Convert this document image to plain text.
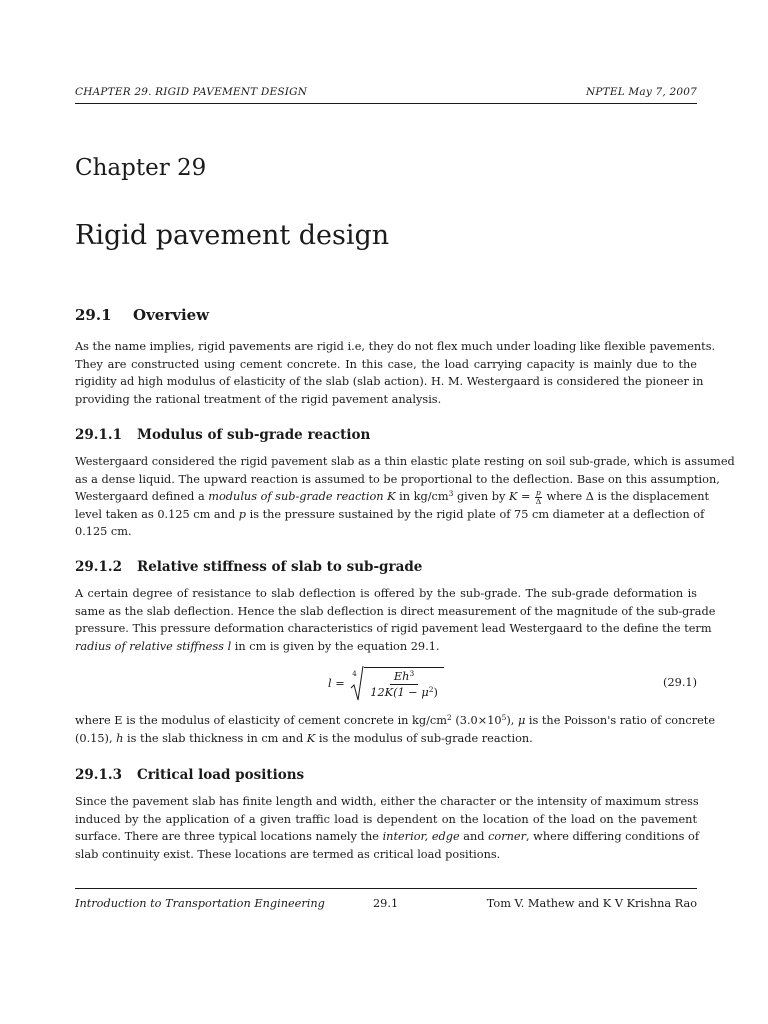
CHAPTER 29. RIGID PAVEMENT DESIGN	NPTEL May 7, 2007
Chapter 29
Rigid pavement design
29.1 Overview
As the name implies, rigid pavements are rigid i.e, they do not flex much under loading like flexible pavements.
They are constructed using cement concrete. In this case, the load carrying capacity is mainly due to the
rigidity ad high modulus of elasticity of the slab (slab action). H. M. Westergaard is considered the pioneer in
providing the rational treatment of the rigid pavement analysis.
29.1.1 Modulus of sub-grade reaction
Westergaard considered the rigid pavement slab as a thin elastic plate resting on soil sub-grade, which is assumed
as a dense liquid. The upward reaction is assumed to be proportional to the deflection. Base on this assumption,
Westergaard defined a modulus of sub-grade reaction K in $kg/cm^3$ given by $K = \frac{p}{\Delta}$ where Δ is the displacement
level taken as 0.125 cm and p is the pressure sustained by the rigid plate of 75 cm diameter at a deflection of
0.125 cm.
29.1.2 Relative stiffness of slab to sub-grade
A certain degree of resistance to slab deflection is offered by the sub-grade. The sub-grade deformation is
same as the slab deflection. Hence the slab deflection is direct measurement of the magnitude of the sub-grade
pressure. This pressure deformation characteristics of rigid pavement lead Westergaard to the define the term
radius of relative stiffness l in cm is given by the equation 29.1.
l =
$4 \frac{Eh^3}{12K(1 - \mu^2)}$	(29.1)
where E is the modulus of elasticity of cement concrete in $kg/cm^2$ $(3.0\times 10^5)$, μ is the Poisson's ratio of concrete
(0.15), h is the slab thickness in cm and K is the modulus of sub-grade reaction.
29.1.3 Critical load positions
Since the pavement slab has finite length and width, either the character or the intensity of maximum stress
induced by the application of a given traffic load is dependent on the location of the load on the pavement
surface. There are three typical locations namely the interior, edge and corner, where differing conditions of
slab continuity exist. These locations are termed as critical load positions.
Introduction to Transportation Engineering	29.1	Tom V. Mathew and K V Krishna Rao
